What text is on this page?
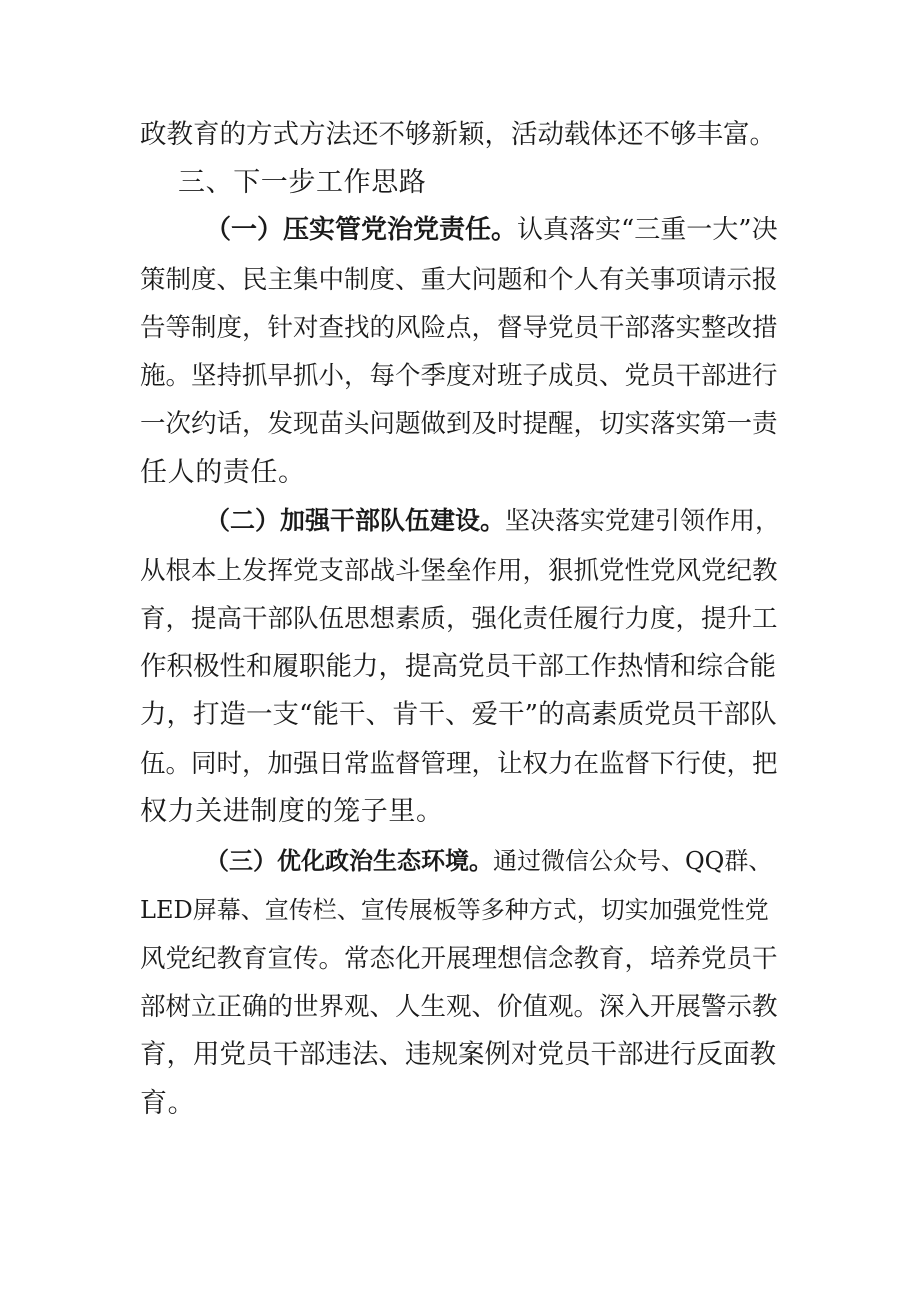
政教育的方式方法还不够新颖，活动载体还不够丰富。
三、下一步工作思路
（一）压实管党治党责任。认真落实“三重一大”决
策制度、民主集中制度、重大问题和个人有关事项请示报
告等制度，针对查找的风险点，督导党员干部落实整改措
施。坚持抓早抓小，每个季度对班子成员、党员干部进行
一次约话，发现苗头问题做到及时提醒，切实落实第一责
任人的责任。
（二）加强干部队伍建设。坚决落实党建引领作用，
从根本上发挥党支部战斗堡垒作用，狠抓党性党风党纪教
育，提高干部队伍思想素质，强化责任履行力度，提升工
作积极性和履职能力，提高党员干部工作热情和综合能
力，打造一支“能干、肯干、爱干”的高素质党员干部队
伍。同时，加强日常监督管理，让权力在监督下行使，把
权力关进制度的笼子里。
（三）优化政治生态环境。通过微信公众号、QQ群、
LED屏幕、宣传栏、宣传展板等多种方式，切实加强党性党
风党纪教育宣传。常态化开展理想信念教育，培养党员干
部树立正确的世界观、人生观、价值观。深入开展警示教
育，用党员干部违法、违规案例对党员干部进行反面教
育。
